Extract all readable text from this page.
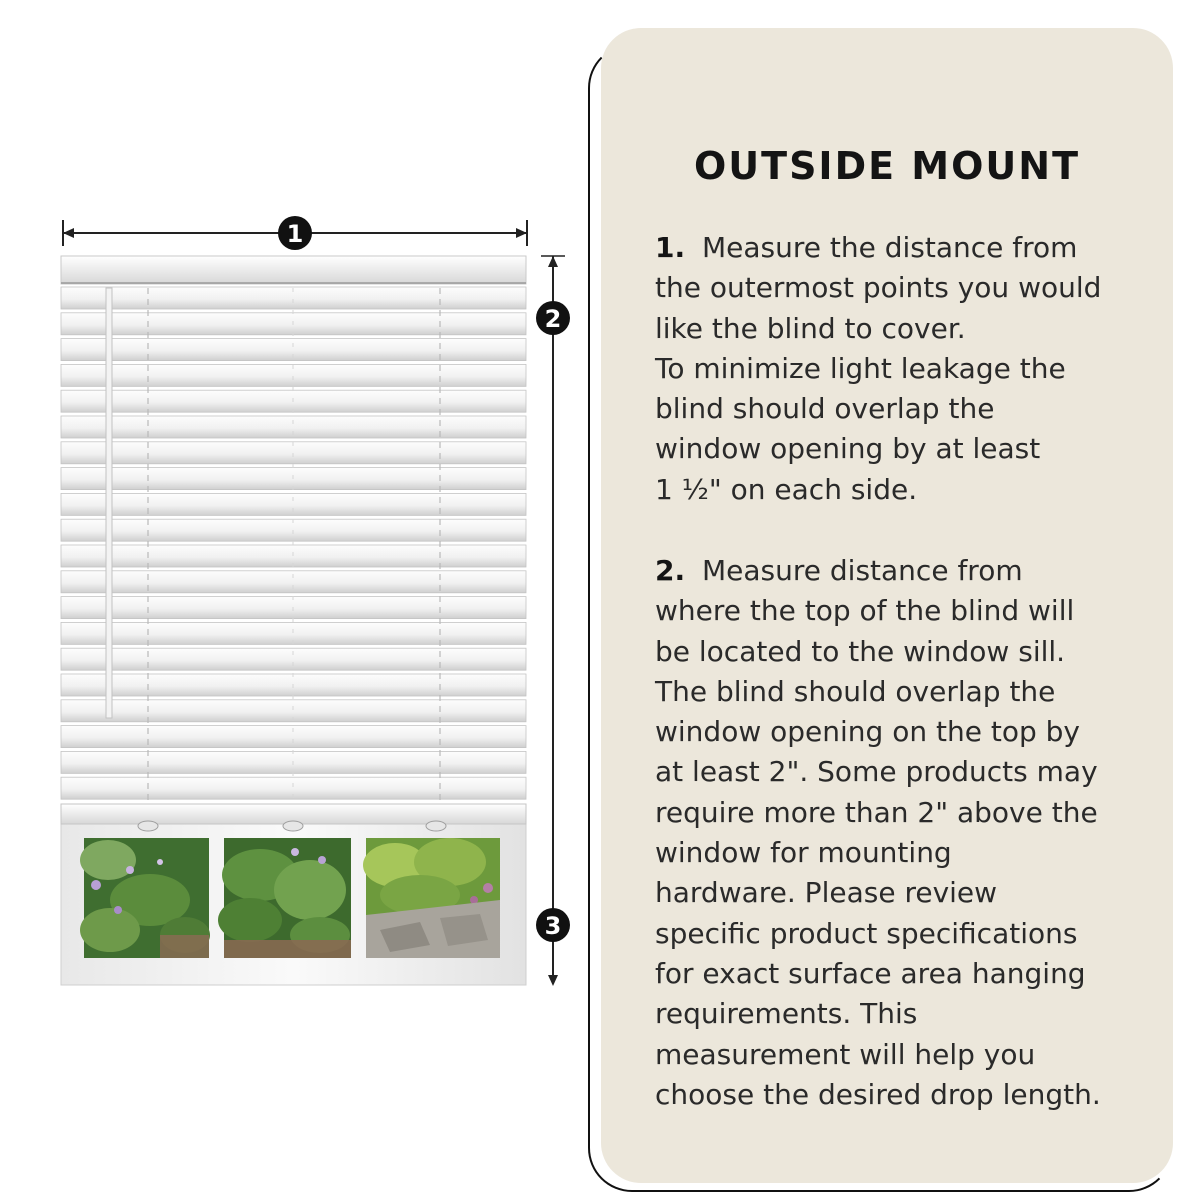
1
2
3
OUTSIDE MOUNT
1. Measure the distance from
the outermost points you would
like the blind to cover.
To minimize light leakage the
blind should overlap the
window opening by at least
1 ½" on each side.
2. Measure distance from
where the top of the blind will
be located to the window sill.
The blind should overlap the
window opening on the top by
at least 2". Some products may
require more than 2" above the
window for mounting
hardware. Please review
specific product specifications
for exact surface area hanging
requirements. This
measurement will help you
choose the desired drop length.
